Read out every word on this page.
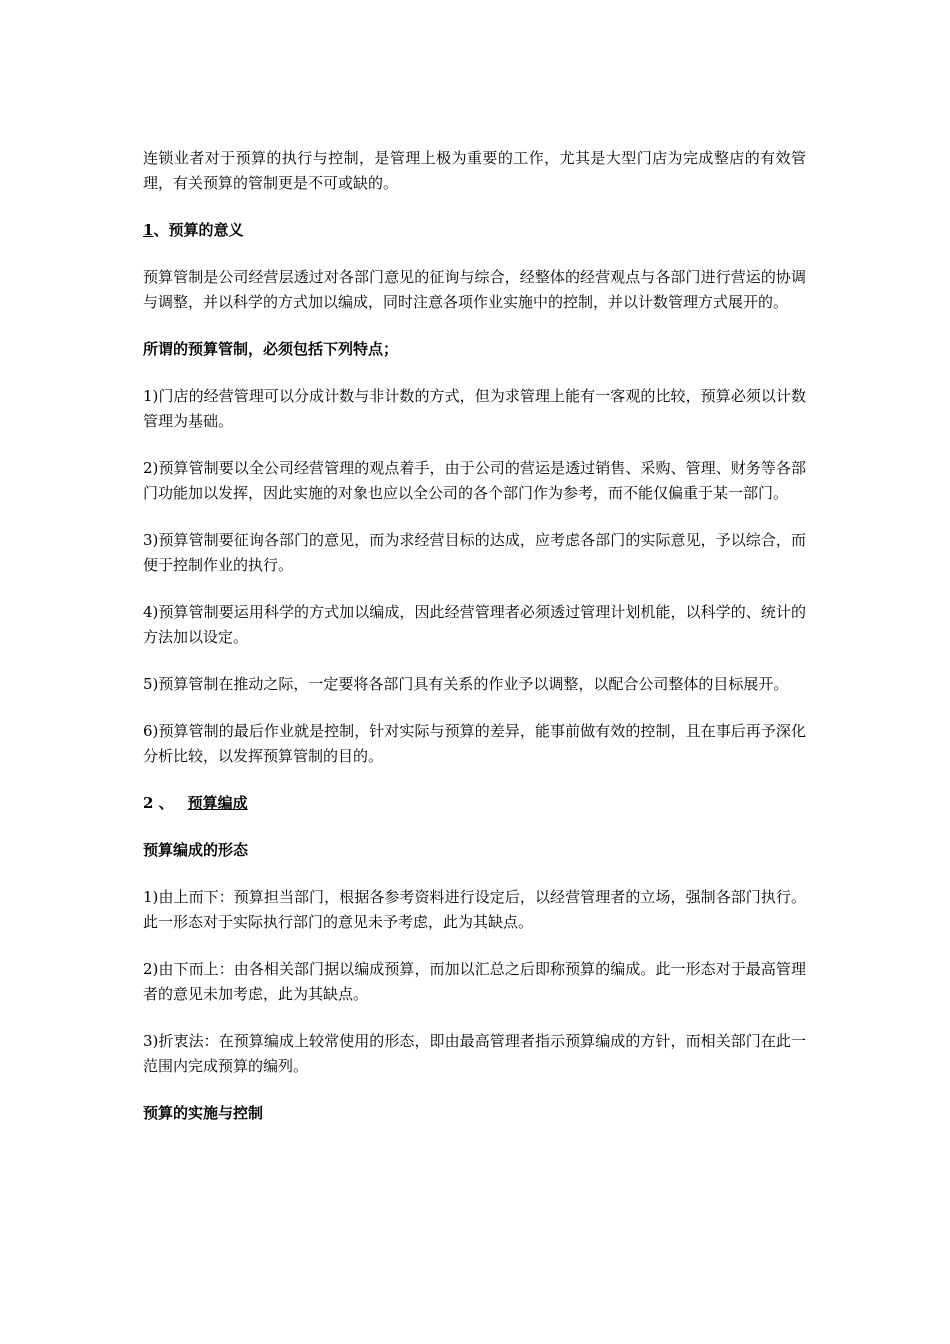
连锁业者对于预算的执行与控制，是管理上极为重要的工作，尤其是大型门店为完成整店的有效管理，有关预算的管制更是不可或缺的。

1、预算的意义

预算管制是公司经营层透过对各部门意见的征询与综合，经整体的经营观点与各部门进行营运的协调与调整，并以科学的方式加以编成，同时注意各项作业实施中的控制，并以计数管理方式展开的。

所谓的预算管制，必须包括下列特点；

1)门店的经营管理可以分成计数与非计数的方式，但为求管理上能有一客观的比较，预算必须以计数管理为基础。

2)预算管制要以全公司经营管理的观点着手，由于公司的营运是透过销售、采购、管理、财务等各部门功能加以发挥，因此实施的对象也应以全公司的各个部门作为参考，而不能仅偏重于某一部门。

3)预算管制要征询各部门的意见，而为求经营目标的达成，应考虑各部门的实际意见，予以综合，而便于控制作业的执行。

4)预算管制要运用科学的方式加以编成，因此经营管理者必须透过管理计划机能，以科学的、统计的方法加以设定。

5)预算管制在推动之际，一定要将各部门具有关系的作业予以调整，以配合公司整体的目标展开。

6)预算管制的最后作业就是控制，针对实际与预算的差异，能事前做有效的控制，且在事后再予深化分析比较，以发挥预算管制的目的。

2 、 预算编成

预算编成的形态

1)由上而下：预算担当部门，根据各参考资料进行设定后，以经营管理者的立场，强制各部门执行。此一形态对于实际执行部门的意见未予考虑，此为其缺点。

2)由下而上：由各相关部门据以编成预算，而加以汇总之后即称预算的编成。此一形态对于最高管理者的意见未加考虑，此为其缺点。

3)折衷法：在预算编成上较常使用的形态，即由最高管理者指示预算编成的方针，而相关部门在此一范围内完成预算的编列。

预算的实施与控制
